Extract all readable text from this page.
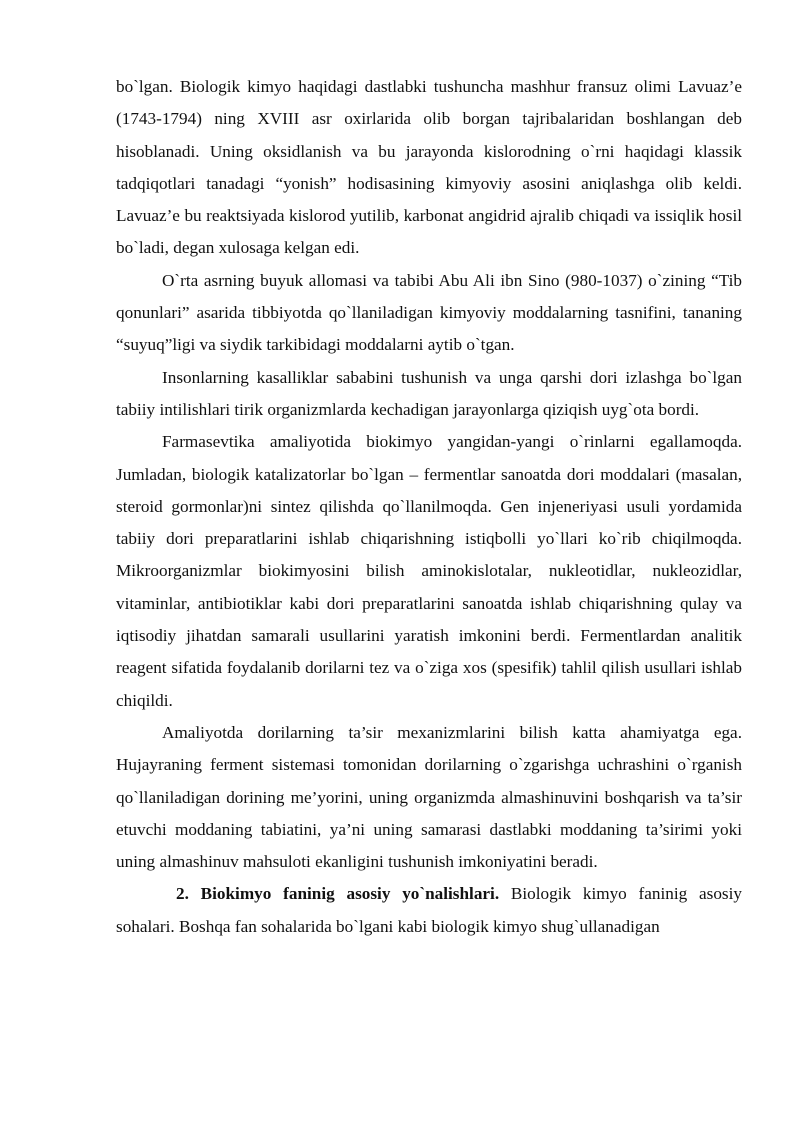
bo`lgan. Biologik kimyo haqidagi dastlabki tushuncha mashhur fransuz olimi Lavuaz’e (1743-1794) ning XVIII asr oxirlarida olib borgan tajribalaridan boshlangan deb hisoblanadi. Uning oksidlanish va bu jarayonda kislorodning o`rni haqidagi klassik tadqiqotlari tanadagi “yonish” hodisasining kimyoviy asosini aniqlashga olib keldi. Lavuaz’e bu reaktsiyada kislorod yutilib, karbonat angidrid ajralib chiqadi va issiqlik hosil bo`ladi, degan xulosaga kelgan edi.

O`rta asrning buyuk allomasi va tabibi Abu Ali ibn Sino (980-1037) o`zining “Tib qonunlari” asarida tibbiyotda qo`llaniladigan kimyoviy moddalarning tasnifini, tananing “suyuq”ligi va siydik tarkibidagi moddalarni aytib o`tgan.

Insonlarning kasalliklar sababini tushunish va unga qarshi dori izlashga bo`lgan tabiiy intilishlari tirik organizmlarda kechadigan jarayonlarga qiziqish uyg`ota bordi.

Farmasevtika amaliyotida biokimyo yangidan-yangi o`rinlarni egallamoqda. Jumladan, biologik katalizatorlar bo`lgan – fermentlar sanoatda dori moddalari (masalan, steroid gormonlar)ni sintez qilishda qo`llanilmoqda. Gen injeneriyasi usuli yordamida tabiiy dori preparatlarini ishlab chiqarishning istiqbolli yo`llari ko`rib chiqilmoqda. Mikroorganizmlar biokimyosini bilish aminokislotalar, nukleotidlar, nukleozidlar, vitaminlar, antibiotiklar kabi dori preparatlarini sanoatda ishlab chiqarishning qulay va iqtisodiy jihatdan samarali usullarini yaratish imkonini berdi. Fermentlardan analitik reagent sifatida foydalanib dorilarni tez va o`ziga xos (spesifik) tahlil qilish usullari ishlab chiqildi.

Amaliyotda dorilarning ta’sir mexanizmlarini bilish katta ahamiyatga ega. Hujayraning ferment sistemasi tomonidan dorilarning o`zgarishga uchrashini o`rganish qo`llaniladigan dorining me’yorini, uning organizmda almashinuvini boshqarish va ta’sir etuvchi moddaning tabiatini, ya’ni uning samarasi dastlabki moddaning ta’sirimi yoki uning almashinuv mahsuloti ekanligini tushunish imkoniyatini beradi.

2. Biokimyo faninig asosiy yo`nalishlari. Biologik kimyo faninig asosiy sohalari. Boshqa fan sohalarida bo`lgani kabi biologik kimyo shug`ullanadigan
